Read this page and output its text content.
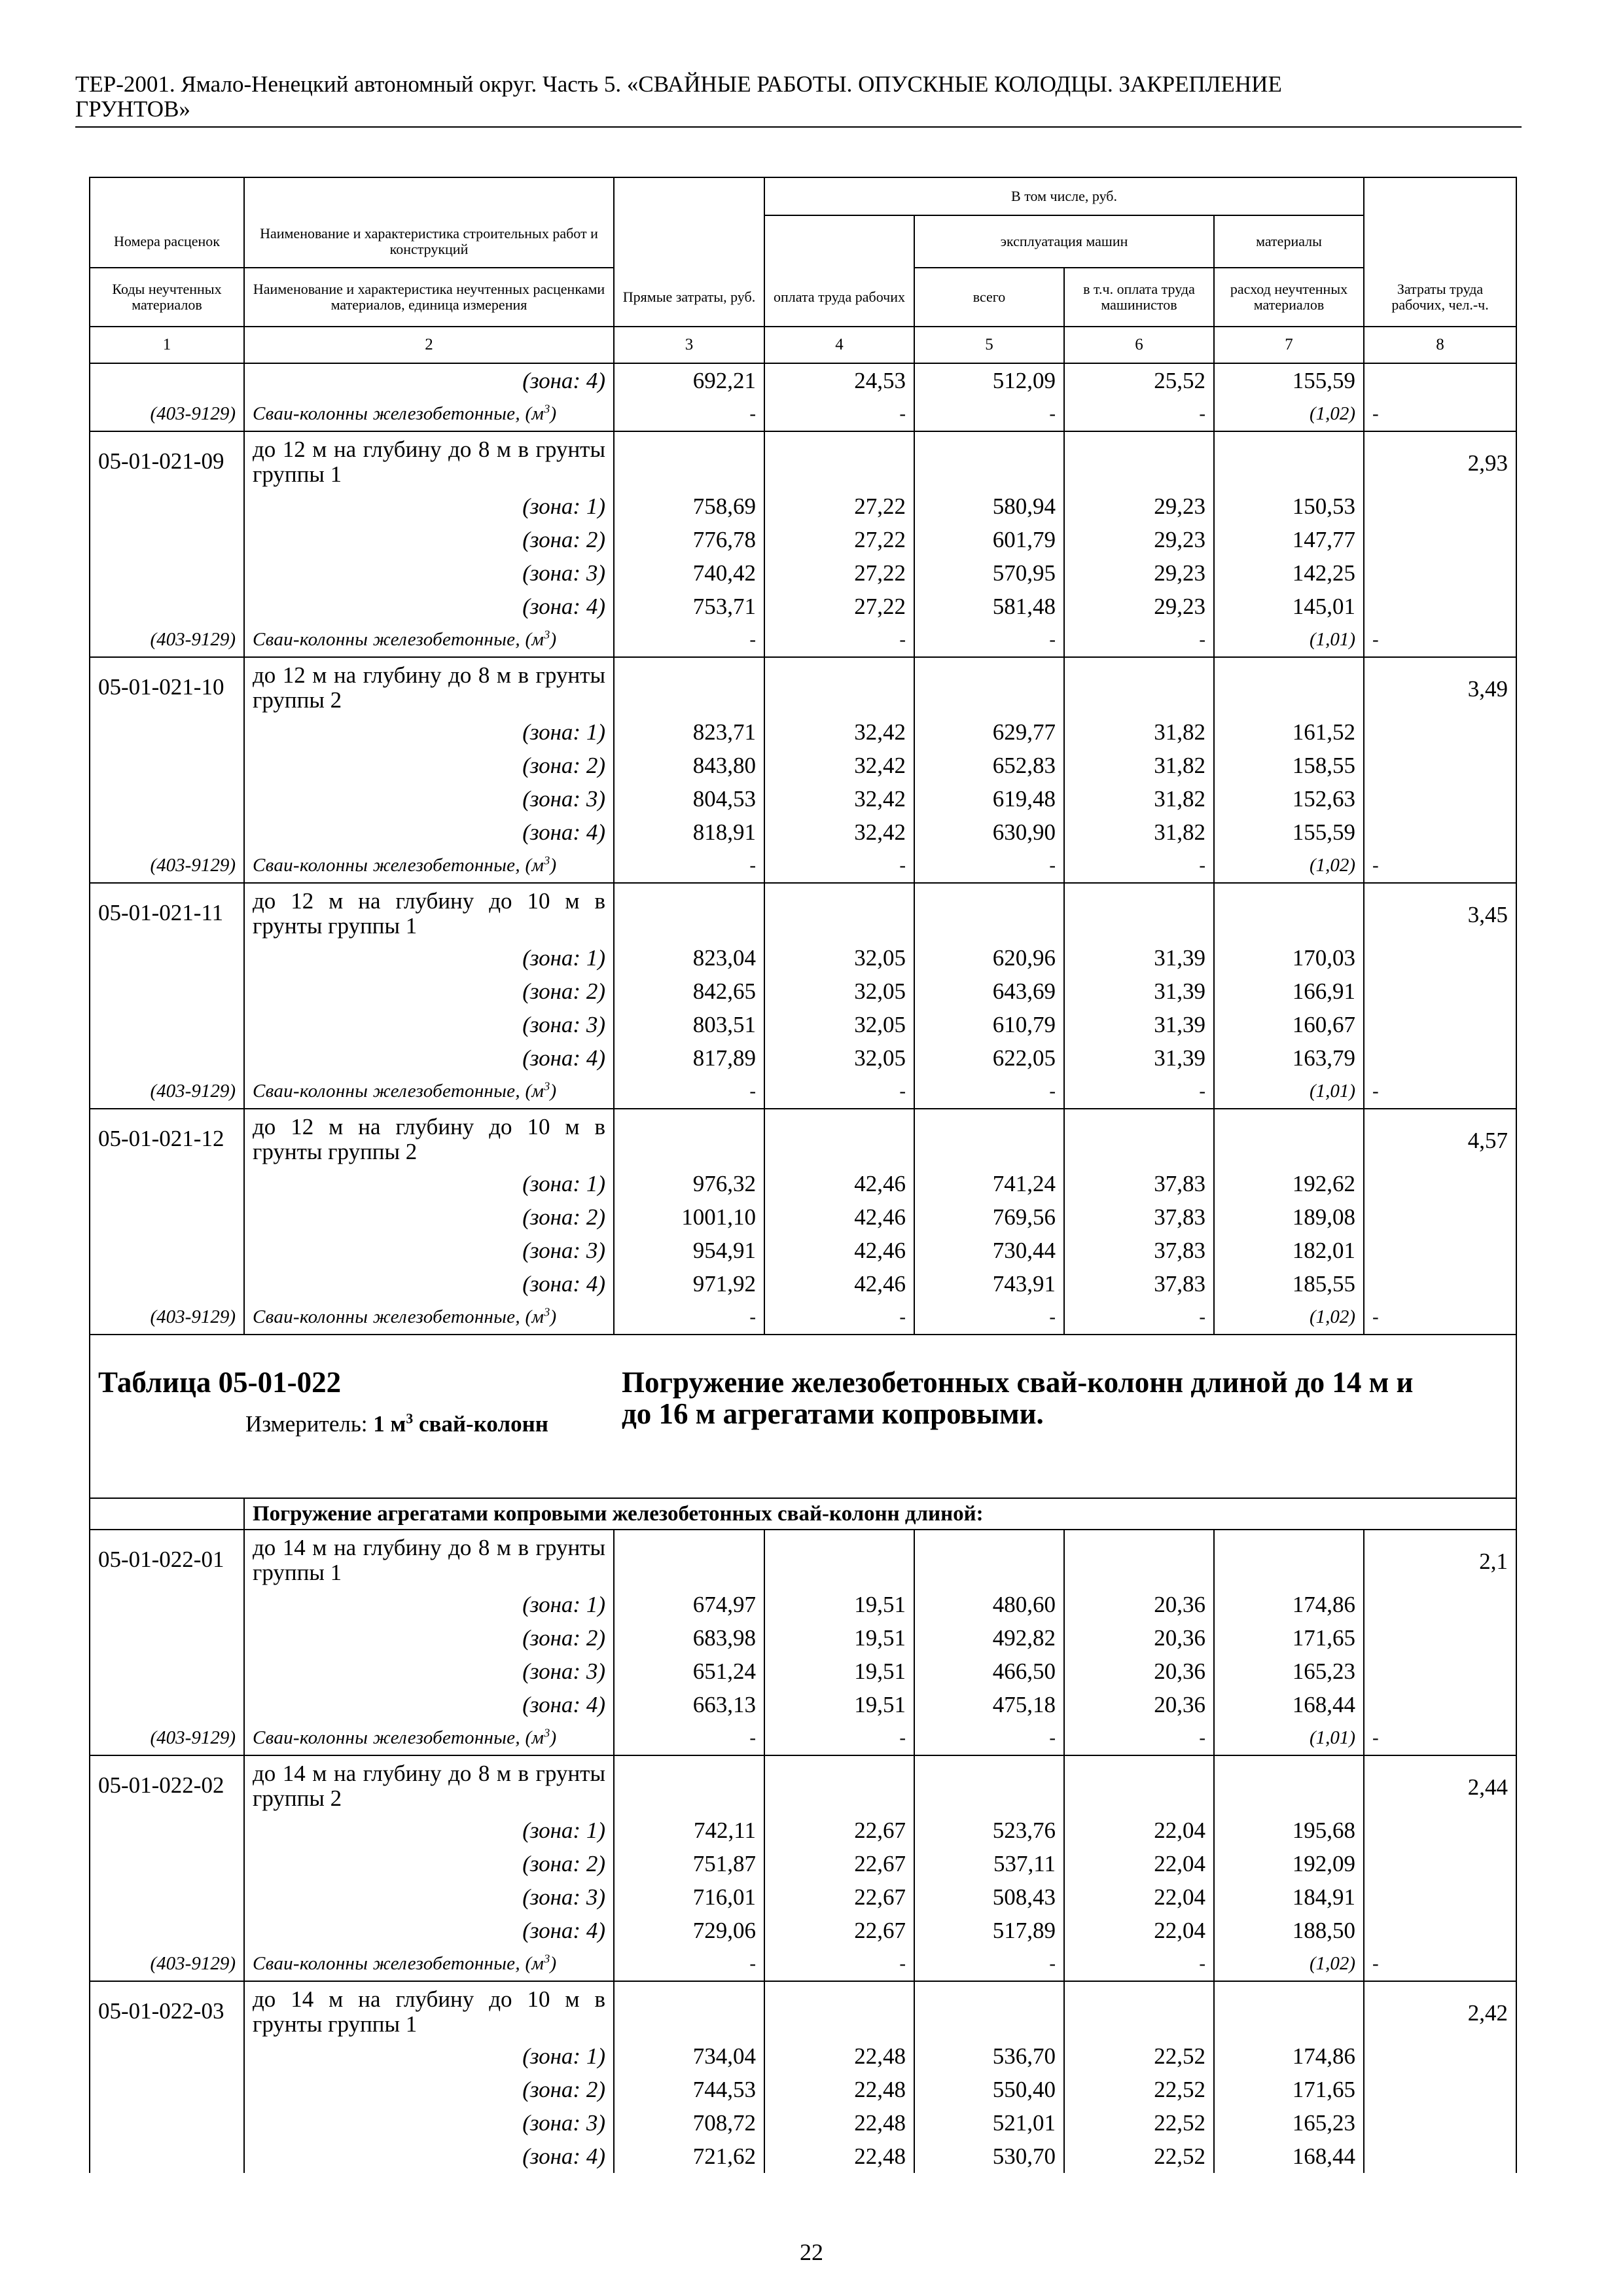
ТЕР-2001. Ямало-Ненецкий автономный округ. Часть 5. «СВАЙНЫЕ РАБОТЫ. ОПУСКНЫЕ КОЛОДЦЫ. ЗАКРЕПЛЕНИЕ
ГРУНТОВ»
			В том числе, руб.				
Номера расценок	Наименование и характеристика строительных работ и конструкций			эксплуатация машин		материалы	
Коды неучтенных материалов	Наименование и характеристика неучтенных расценками материалов, единица измерения	Прямые затраты, руб.	оплата труда рабочих	всего	в т.ч. оплата труда машинистов	расход неучтенных материалов	Затраты труда рабочих, чел.-ч.
1	2	3	4	5	6	7	8
	(зона: 4)	692,21	24,53	512,09	25,52	155,59	
(403-9129)	Сваи-колонны железобетонные, $(м^3)$	-	-	-	-	(1,02)	-
05-01-021-09	до 12 м на глубину до 8 м в грунты группы 1						2,93
	(зона: 1)	758,69	27,22	580,94	29,23	150,53	
	(зона: 2)	776,78	27,22	601,79	29,23	147,77	
	(зона: 3)	740,42	27,22	570,95	29,23	142,25	
	(зона: 4)	753,71	27,22	581,48	29,23	145,01	
(403-9129)	Сваи-колонны железобетонные, $(м^3)$	-	-	-	-	(1,01)	-
05-01-021-10	до 12 м на глубину до 8 м в грунты группы 2						3,49
	(зона: 1)	823,71	32,42	629,77	31,82	161,52	
	(зона: 2)	843,80	32,42	652,83	31,82	158,55	
	(зона: 3)	804,53	32,42	619,48	31,82	152,63	
	(зона: 4)	818,91	32,42	630,90	31,82	155,59	
(403-9129)	Сваи-колонны железобетонные, $(м^3)$	-	-	-	-	(1,02)	-
05-01-021-11	до 12 м на глубину до 10 м в грунты группы 1						3,45
	(зона: 1)	823,04	32,05	620,96	31,39	170,03	
	(зона: 2)	842,65	32,05	643,69	31,39	166,91	
	(зона: 3)	803,51	32,05	610,79	31,39	160,67	
	(зона: 4)	817,89	32,05	622,05	31,39	163,79	
(403-9129)	Сваи-колонны железобетонные, $(м^3)$	-	-	-	-	(1,01)	-
05-01-021-12	до 12 м на глубину до 10 м в грунты группы 2						4,57
	(зона: 1)	976,32	42,46	741,24	37,83	192,62	
	(зона: 2)	1001,10	42,46	769,56	37,83	189,08	
	(зона: 3)	954,91	42,46	730,44	37,83	182,01	
	(зона: 4)	971,92	42,46	743,91	37,83	185,55	
(403-9129)	Сваи-колонны железобетонные, $(м^3)$	-	-	-	-	(1,02)	-

Таблица 05-01-022
Измеритель: 1 $м^3$ свай-колонн		Погружение железобетонных свай-колонн длиной до 14 м и до 16 м агрегатами копровыми.					
	Погружение агрегатами копровыми железобетонных свай-колонн длиной:						
05-01-022-01	до 14 м на глубину до 8 м в грунты группы 1						2,1
	(зона: 1)	674,97	19,51	480,60	20,36	174,86	
	(зона: 2)	683,98	19,51	492,82	20,36	171,65	
	(зона: 3)	651,24	19,51	466,50	20,36	165,23	
	(зона: 4)	663,13	19,51	475,18	20,36	168,44	
(403-9129)	Сваи-колонны железобетонные, $(м^3)$	-	-	-	-	(1,01)	-
05-01-022-02	до 14 м на глубину до 8 м в грунты группы 2						2,44
	(зона: 1)	742,11	22,67	523,76	22,04	195,68	
	(зона: 2)	751,87	22,67	537,11	22,04	192,09	
	(зона: 3)	716,01	22,67	508,43	22,04	184,91	
	(зона: 4)	729,06	22,67	517,89	22,04	188,50	
(403-9129)	Сваи-колонны железобетонные, $(м^3)$	-	-	-	-	(1,02)	-
05-01-022-03	до 14 м на глубину до 10 м в грунты группы 1						2,42
	(зона: 1)	734,04	22,48	536,70	22,52	174,86	
	(зона: 2)	744,53	22,48	550,40	22,52	171,65	
	(зона: 3)	708,72	22,48	521,01	22,52	165,23	
	(зона: 4)	721,62	22,48	530,70	22,52	168,44	
22
